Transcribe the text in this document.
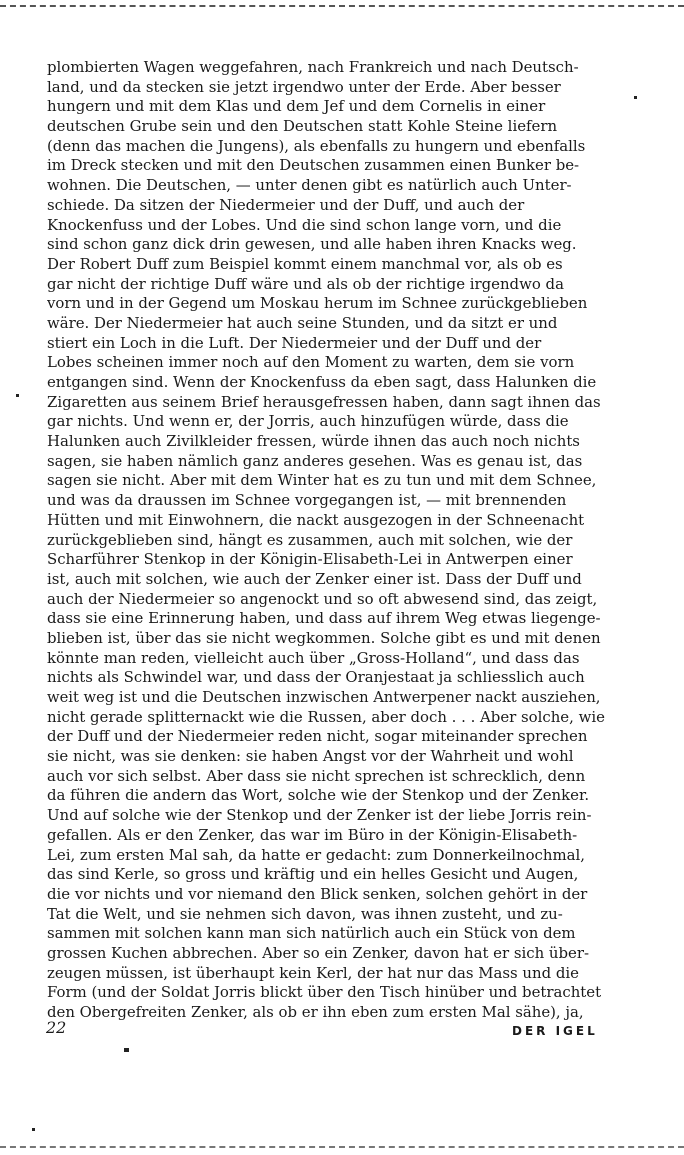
plombierten Wagen weggefahren, nach Frankreich und nach Deutsch-
land, und da stecken sie jetzt irgendwo unter der Erde. Aber besser
hungern und mit dem Klas und dem Jef und dem Cornelis in einer
deutschen Grube sein und den Deutschen statt Kohle Steine liefern
(denn das machen die Jungens), als ebenfalls zu hungern und ebenfalls
im Dreck stecken und mit den Deutschen zusammen einen Bunker be-
wohnen. Die Deutschen, — unter denen gibt es natürlich auch Unter-
schiede. Da sitzen der Niedermeier und der Duff, und auch der
Knockenfuss und der Lobes. Und die sind schon lange vorn, und die
sind schon ganz dick drin gewesen, und alle haben ihren Knacks weg.
Der Robert Duff zum Beispiel kommt einem manchmal vor, als ob es
gar nicht der richtige Duff wäre und als ob der richtige irgendwo da
vorn und in der Gegend um Moskau herum im Schnee zurückgeblieben
wäre. Der Niedermeier hat auch seine Stunden, und da sitzt er und
stiert ein Loch in die Luft. Der Niedermeier und der Duff und der
Lobes scheinen immer noch auf den Moment zu warten, dem sie vorn
entgangen sind. Wenn der Knockenfuss da eben sagt, dass Halunken die
Zigaretten aus seinem Brief herausgefressen haben, dann sagt ihnen das
gar nichts. Und wenn er, der Jorris, auch hinzufügen würde, dass die
Halunken auch Zivilkleider fressen, würde ihnen das auch noch nichts
sagen, sie haben nämlich ganz anderes gesehen. Was es genau ist, das
sagen sie nicht. Aber mit dem Winter hat es zu tun und mit dem Schnee,
und was da draussen im Schnee vorgegangen ist, — mit brennenden
Hütten und mit Einwohnern, die nackt ausgezogen in der Schneenacht
zurückgeblieben sind, hängt es zusammen, auch mit solchen, wie der
Scharführer Stenkop in der Königin-Elisabeth-Lei in Antwerpen einer
ist, auch mit solchen, wie auch der Zenker einer ist. Dass der Duff und
auch der Niedermeier so angenockt und so oft abwesend sind, das zeigt,
dass sie eine Erinnerung haben, und dass auf ihrem Weg etwas liegenge-
blieben ist, über das sie nicht wegkommen. Solche gibt es und mit denen
könnte man reden, vielleicht auch über „Gross-Holland“, und dass das
nichts als Schwindel war, und dass der Oranjestaat ja schliesslich auch
weit weg ist und die Deutschen inzwischen Antwerpener nackt ausziehen,
nicht gerade splitternackt wie die Russen, aber doch . . . Aber solche, wie
der Duff und der Niedermeier reden nicht, sogar miteinander sprechen
sie nicht, was sie denken: sie haben Angst vor der Wahrheit und wohl
auch vor sich selbst. Aber dass sie nicht sprechen ist schrecklich, denn
da führen die andern das Wort, solche wie der Stenkop und der Zenker.
Und auf solche wie der Stenkop und der Zenker ist der liebe Jorris rein-
gefallen. Als er den Zenker, das war im Büro in der Königin-Elisabeth-
Lei, zum ersten Mal sah, da hatte er gedacht: zum Donnerkeilnochmal,
das sind Kerle, so gross und kräftig und ein helles Gesicht und Augen,
die vor nichts und vor niemand den Blick senken, solchen gehört in der
Tat die Welt, und sie nehmen sich davon, was ihnen zusteht, und zu-
sammen mit solchen kann man sich natürlich auch ein Stück von dem
grossen Kuchen abbrechen. Aber so ein Zenker, davon hat er sich über-
zeugen müssen, ist überhaupt kein Kerl, der hat nur das Mass und die
Form (und der Soldat Jorris blickt über den Tisch hinüber und betrachtet
den Obergefreiten Zenker, als ob er ihn eben zum ersten Mal sähe), ja,
22	DER IGEL
